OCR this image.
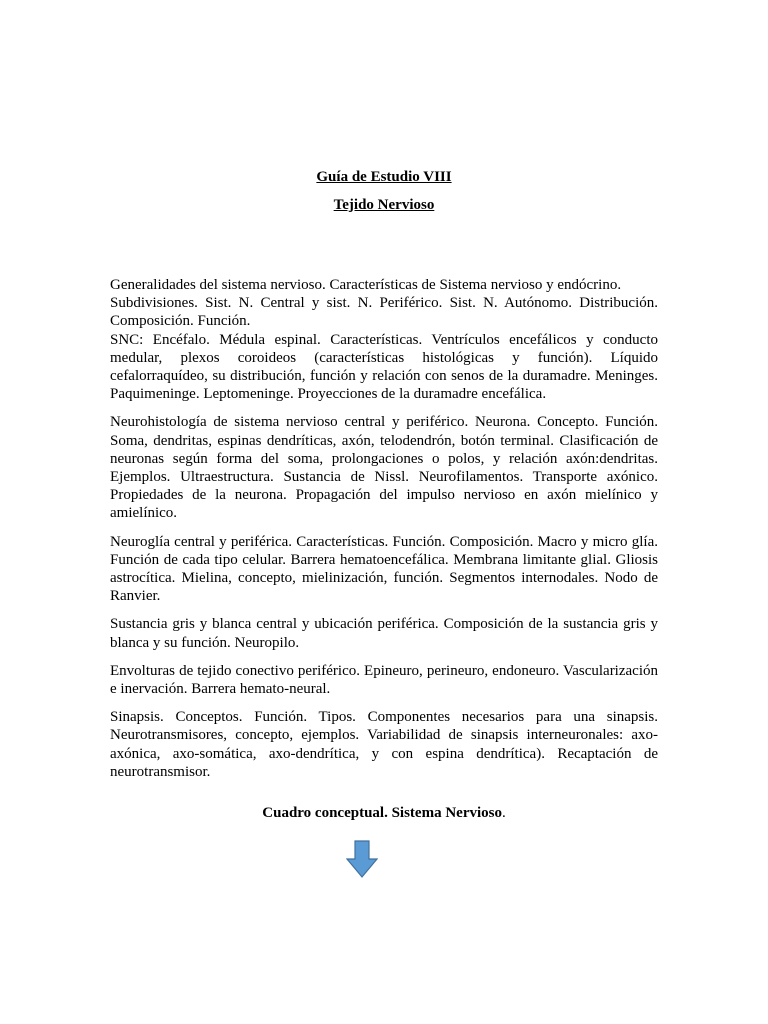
Guía de Estudio VIII
Tejido Nervioso

Generalidades del sistema nervioso. Características de Sistema nervioso y endócrino.

Subdivisiones. Sist. N. Central y sist. N. Periférico. Sist. N. Autónomo. Distribución. Composición. Función.

SNC: Encéfalo. Médula espinal. Características. Ventrículos encefálicos y conducto medular, plexos coroideos (características histológicas y función). Líquido cefalorraquídeo, su distribución, función y relación con senos de la duramadre. Meninges. Paquimeninge. Leptomeninge. Proyecciones de la duramadre encefálica.

Neurohistología de sistema nervioso central y periférico. Neurona. Concepto. Función. Soma, dendritas, espinas dendríticas, axón, telodendrón, botón terminal. Clasificación de neuronas según forma del soma, prolongaciones o polos, y relación axón:dendritas. Ejemplos. Ultraestructura. Sustancia de Nissl. Neurofilamentos. Transporte axónico. Propiedades de la neurona. Propagación del impulso nervioso en axón mielínico y amielínico.

Neuroglía central y periférica. Características. Función. Composición. Macro y micro glía. Función de cada tipo celular. Barrera hematoencefálica. Membrana limitante glial. Gliosis astrocítica. Mielina, concepto, mielinización, función. Segmentos internodales. Nodo de Ranvier.

Sustancia gris y blanca central y ubicación periférica. Composición de la sustancia gris y blanca y su función. Neuropilo.

Envolturas de tejido conectivo periférico. Epineuro, perineuro, endoneuro. Vascularización e inervación. Barrera hemato-neural.

Sinapsis. Conceptos. Función. Tipos. Componentes necesarios para una sinapsis. Neurotransmisores, concepto, ejemplos. Variabilidad de sinapsis interneuronales: axo-axónica, axo-somática, axo-dendrítica, y con espina dendrítica). Recaptación de neurotransmisor.

Cuadro conceptual. Sistema Nervioso.
